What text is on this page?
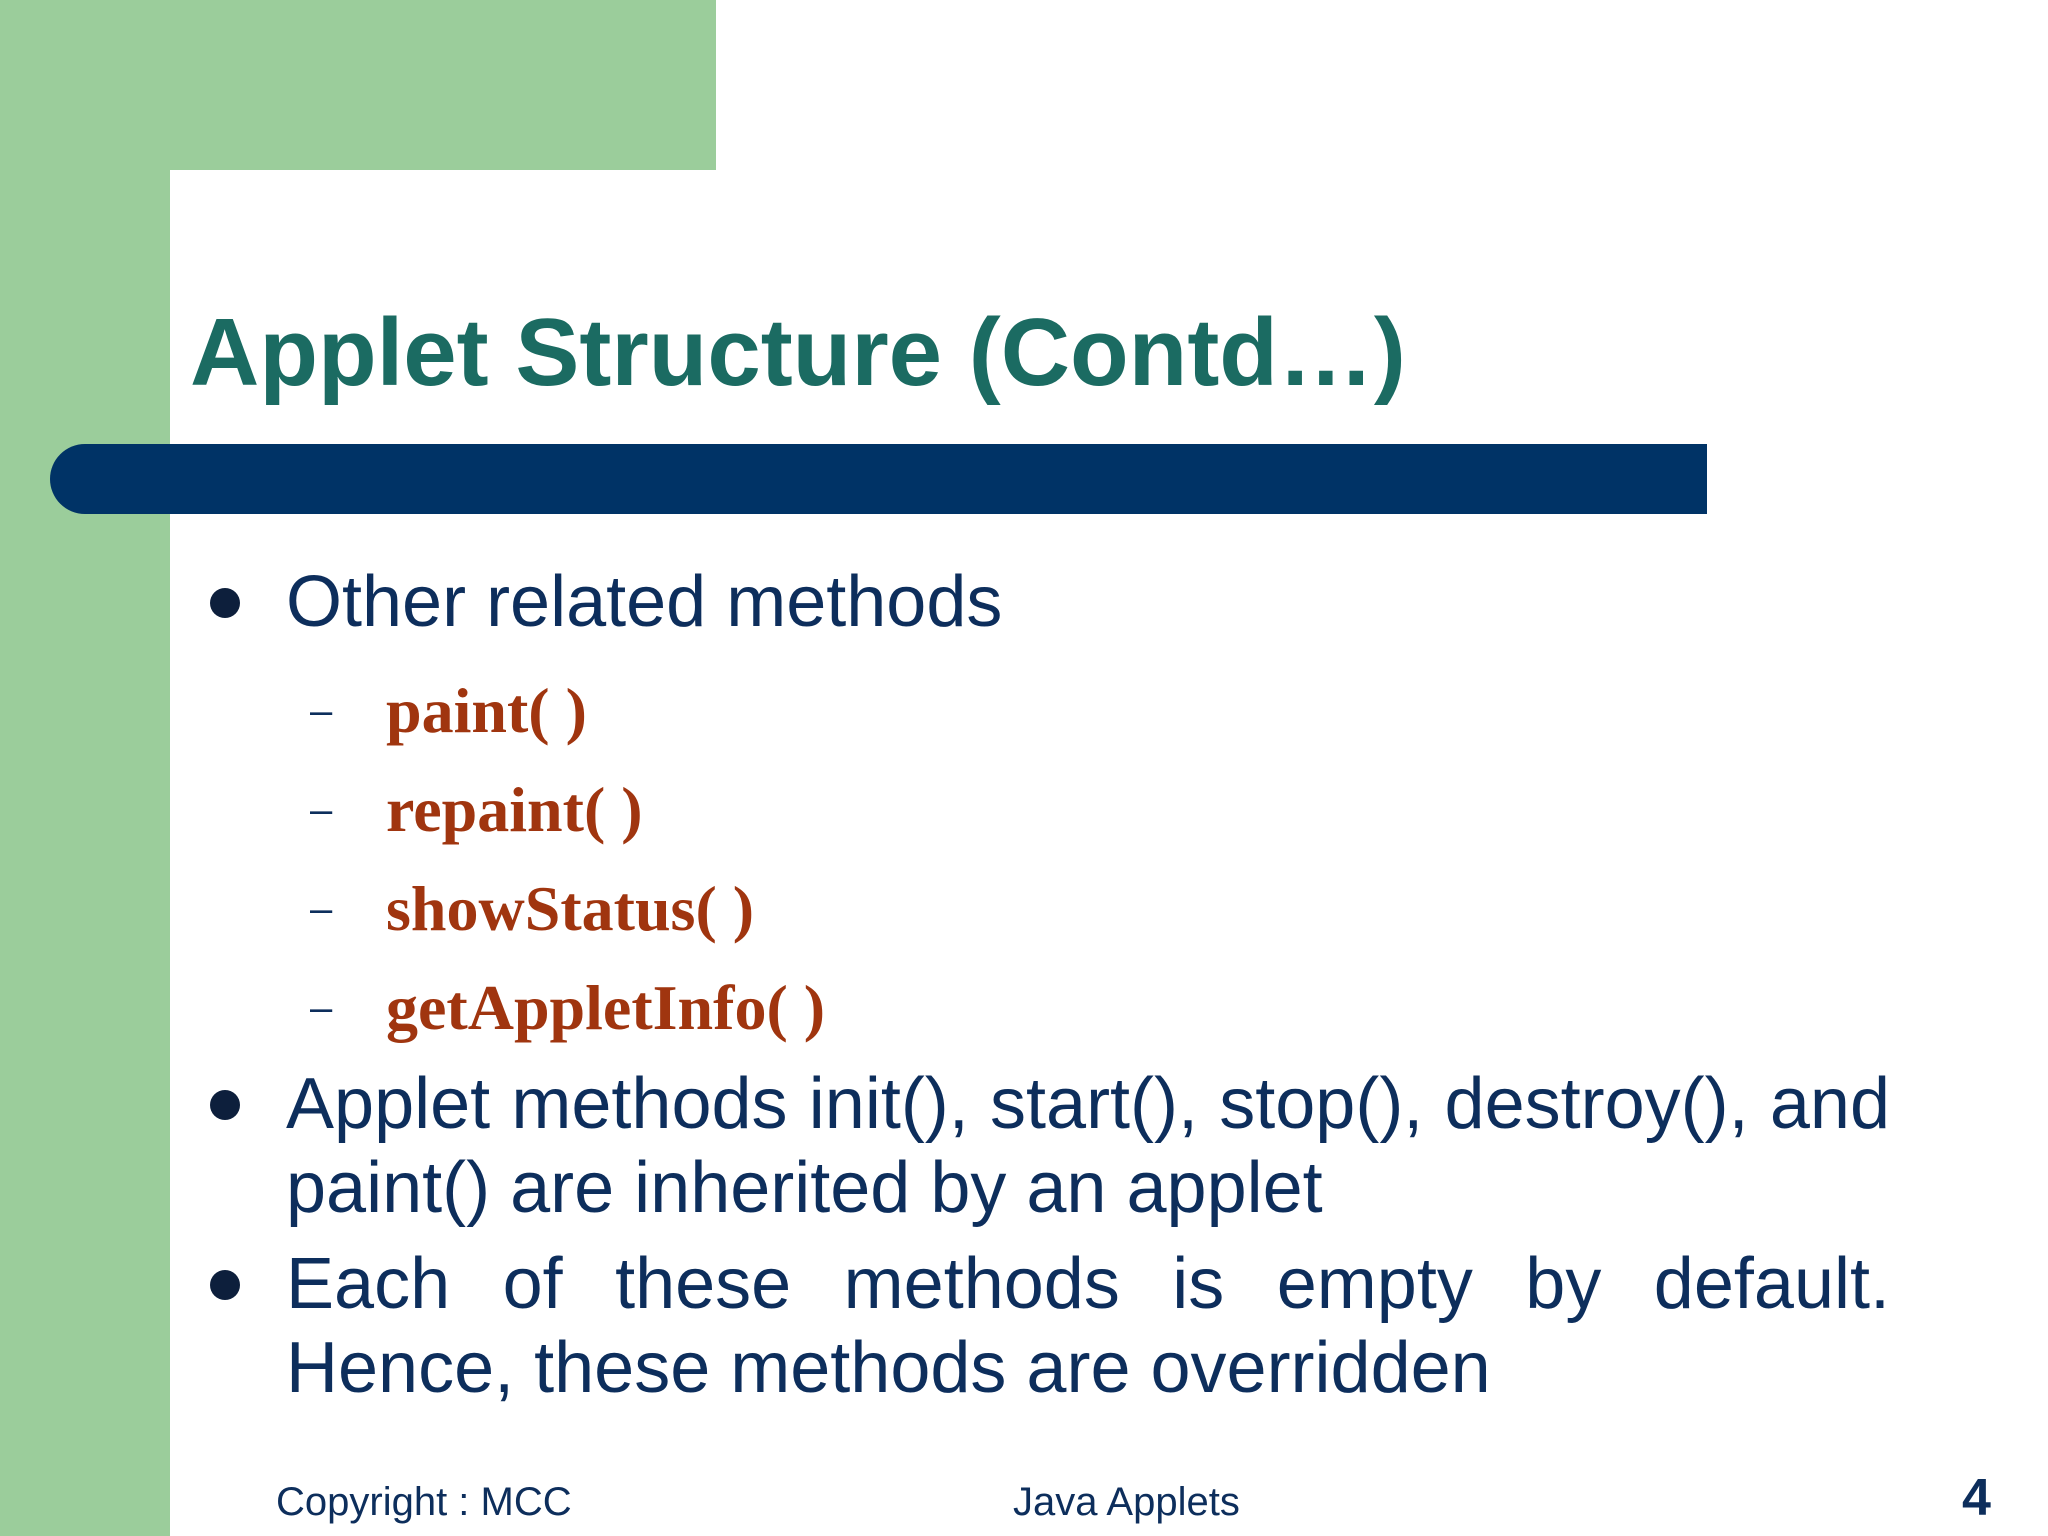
Applet Structure (Contd…)
Other related methods
– paint( )
– repaint( )
– showStatus( )
– getAppletInfo( )
Applet methods init(), start(), stop(), destroy(), and paint() are inherited by an applet
Each of these methods is empty by default. Hence, these methods are overridden
Copyright : MCC	Java Applets	4
